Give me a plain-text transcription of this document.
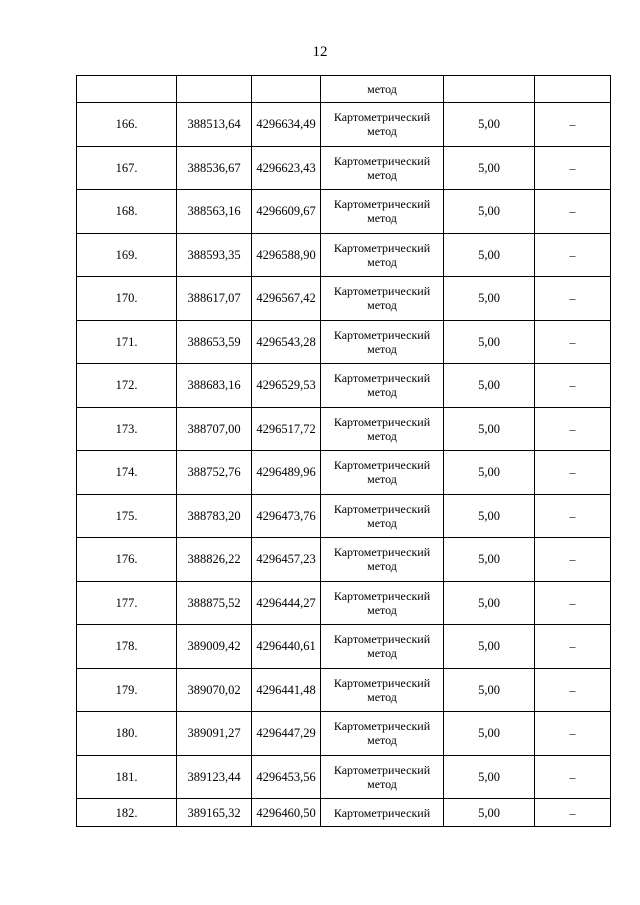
12
			метод		
166.	388513,64	4296634,49	Картометрический метод	5,00	–
167.	388536,67	4296623,43	Картометрический метод	5,00	–
168.	388563,16	4296609,67	Картометрический метод	5,00	–
169.	388593,35	4296588,90	Картометрический метод	5,00	–
170.	388617,07	4296567,42	Картометрический метод	5,00	–
171.	388653,59	4296543,28	Картометрический метод	5,00	–
172.	388683,16	4296529,53	Картометрический метод	5,00	–
173.	388707,00	4296517,72	Картометрический метод	5,00	–
174.	388752,76	4296489,96	Картометрический метод	5,00	–
175.	388783,20	4296473,76	Картометрический метод	5,00	–
176.	388826,22	4296457,23	Картометрический метод	5,00	–
177.	388875,52	4296444,27	Картометрический метод	5,00	–
178.	389009,42	4296440,61	Картометрический метод	5,00	–
179.	389070,02	4296441,48	Картометрический метод	5,00	–
180.	389091,27	4296447,29	Картометрический метод	5,00	–
181.	389123,44	4296453,56	Картометрический метод	5,00	–
182.	389165,32	4296460,50	Картометрический	5,00	–
